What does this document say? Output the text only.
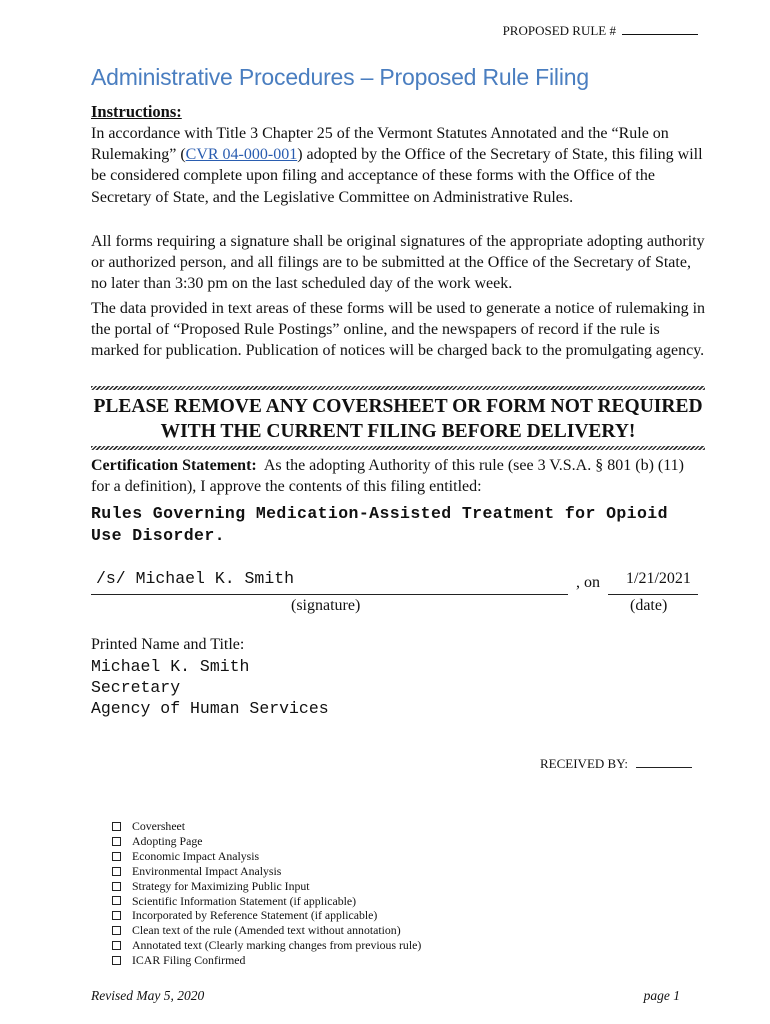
PROPOSED RULE #
Administrative Procedures – Proposed Rule Filing
Instructions:
In accordance with Title 3 Chapter 25 of the Vermont Statutes Annotated and the “Rule on Rulemaking” (CVR 04-000-001) adopted by the Office of the Secretary of State, this filing will be considered complete upon filing and acceptance of these forms with the Office of the Secretary of State, and the Legislative Committee on Administrative Rules.
All forms requiring a signature shall be original signatures of the appropriate adopting authority or authorized person, and all filings are to be submitted at the Office of the Secretary of State, no later than 3:30 pm on the last scheduled day of the work week.
The data provided in text areas of these forms will be used to generate a notice of rulemaking in the portal of “Proposed Rule Postings” online, and the newspapers of record if the rule is marked for publication. Publication of notices will be charged back to the promulgating agency.
PLEASE REMOVE ANY COVERSHEET OR FORM NOT REQUIRED WITH THE CURRENT FILING BEFORE DELIVERY!
Certification Statement: As the adopting Authority of this rule (see 3 V.S.A. § 801 (b) (11) for a definition), I approve the contents of this filing entitled:
Rules Governing Medication-Assisted Treatment for Opioid Use Disorder.
/s/ Michael K. Smith	, on 1/21/2021
(signature)	(date)
Printed Name and Title:
Michael K. Smith
Secretary
Agency of Human Services
RECEIVED BY:
Coversheet
Adopting Page
Economic Impact Analysis
Environmental Impact Analysis
Strategy for Maximizing Public Input
Scientific Information Statement (if applicable)
Incorporated by Reference Statement (if applicable)
Clean text of the rule (Amended text without annotation)
Annotated text (Clearly marking changes from previous rule)
ICAR Filing Confirmed
Revised May 5, 2020	page 1
